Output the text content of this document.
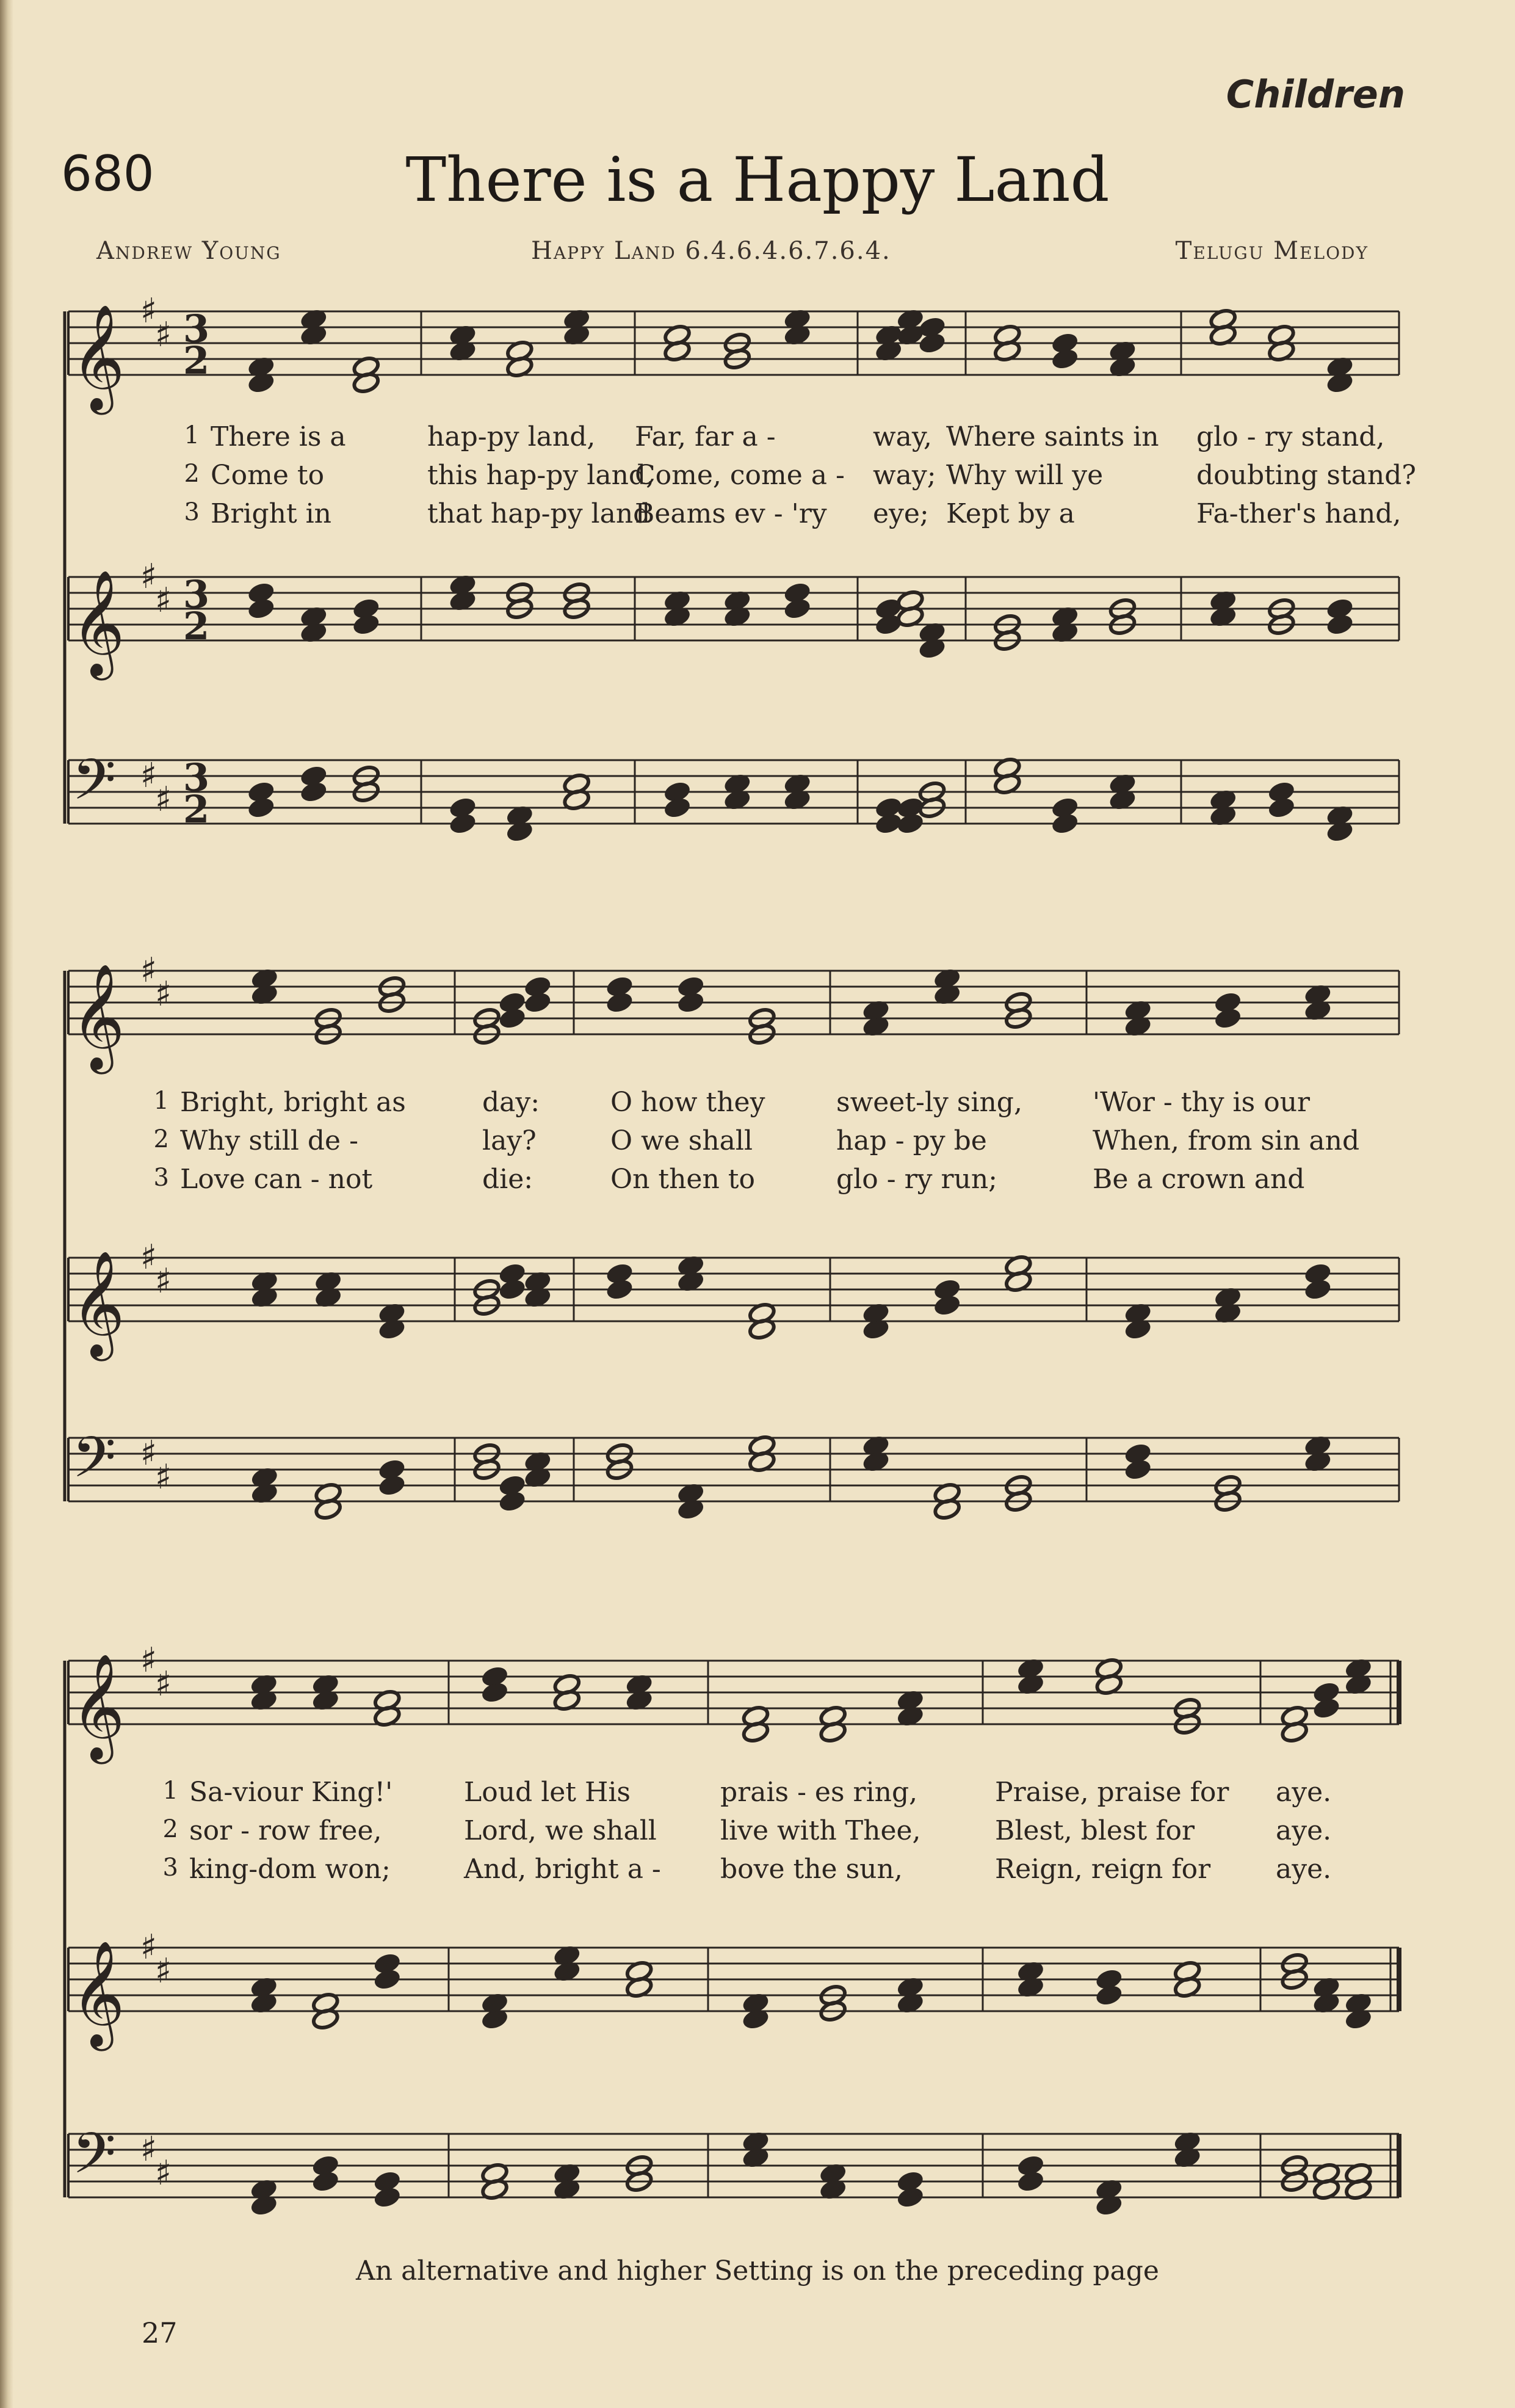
Children
680	There is a Happy Land
Andrew Young	Happy Land 6.4.6.4.6.7.6.4.	Telugu Melody
𝄞 ♯
♯ 3
2
𝄞 ♯
♯ 3
2
𝄢 ♯
♯ 3
2
𝄞 ♯
♯
𝄞 ♯
♯
𝄢 ♯
♯
𝄞 ♯
♯
𝄞 ♯
♯
𝄢 ♯
♯
1 There is a	hap-py land, Far, far a -	way, Where saints in glo - ry stand,
2 Come to	this hap-py land,
Come, come a - way; Why will ye	doubting stand?
3 Bright in	that hap-py land
Beams ev - 'ry eye; Kept by a	Fa-ther's hand,
1 Bright, bright as	day:	O how they	sweet-ly sing,	'Wor - thy is our
2 Why still de -	lay?	O we shall	hap - py be	When, from sin and
3 Love can - not	die:	On then to	glo - ry run;	Be a crown and
1 Sa-viour King!'	Loud let His	prais - es ring,	Praise, praise for aye.
2 sor - row free,	Lord, we shall live with Thee,	Blest, blest for	aye.
3 king-dom won;	And, bright a - bove the sun,	Reign, reign for aye.
An alternative and higher Setting is on the preceding page
27
